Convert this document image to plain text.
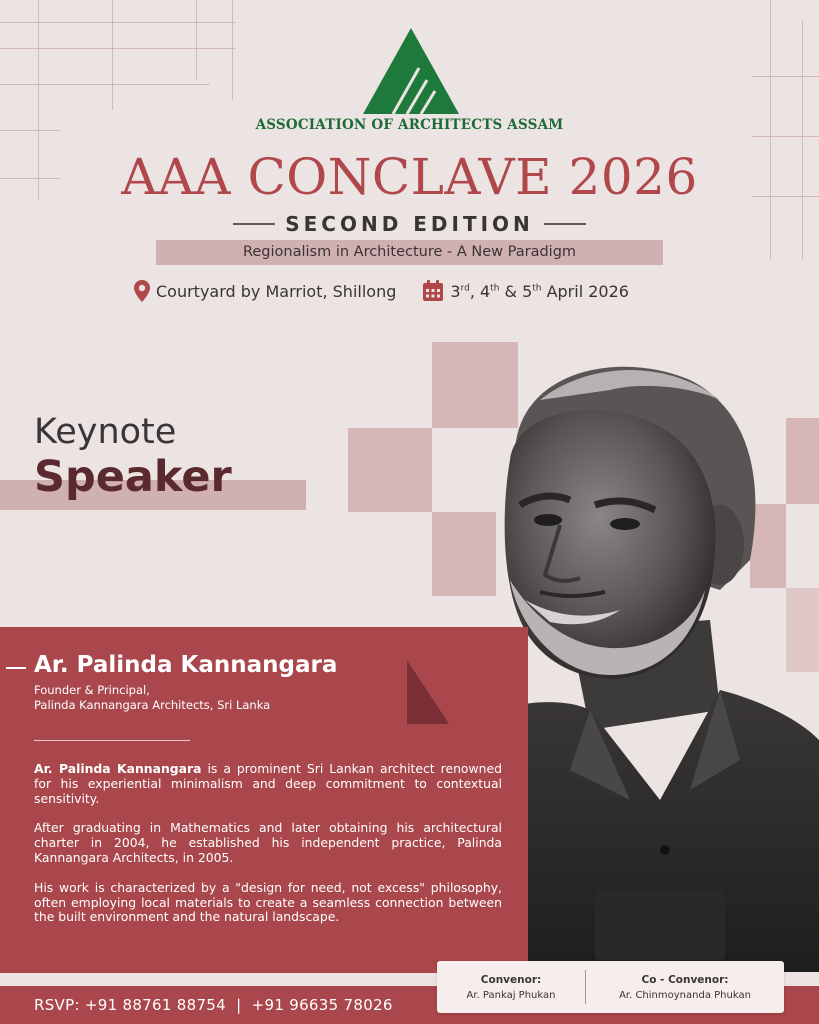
ASSOCIATION OF ARCHITECTS ASSAM
AAA CONCLAVE 2026
SECOND EDITION
Regionalism in Architecture - A New Paradigm
Courtyard by Marriot, Shillong	3rd, 4th & 5th April 2026
Keynote
Speaker
Ar. Palinda Kannangara
Founder & Principal,
Palinda Kannangara Architects, Sri Lanka

Ar. Palinda Kannangara is a prominent Sri Lankan architect renowned for his experiential minimalism and deep commitment to contextual sensitivity.

After graduating in Mathematics and later obtaining his architectural charter in 2004, he established his independent practice, Palinda Kannangara Architects, in 2005.

His work is characterized by a "design for need, not excess" philosophy, often employing local materials to create a seamless connection between the built environment and the natural landscape.

RSVP: +91 88761 88754  |  +91 96635 78026
Convenor:
Ar. Pankaj Phukan
Co - Convenor:
Ar. Chinmoynanda Phukan
